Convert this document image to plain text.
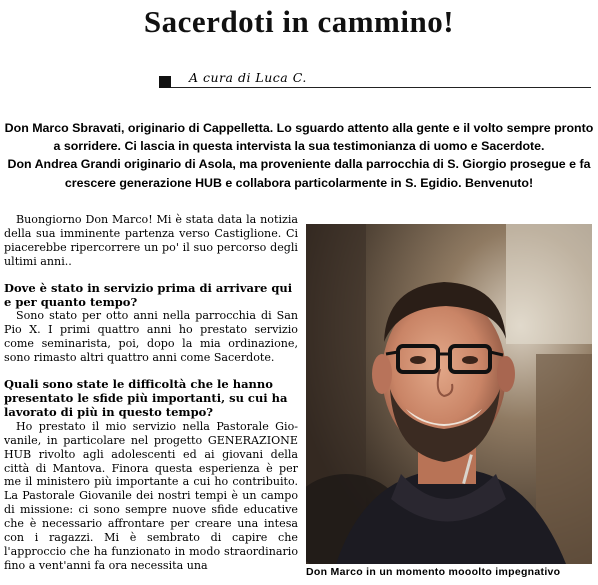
Sacerdoti in cammino!
A cura di Luca C.

Don Marco Sbravati, originario di Cappelletta. Lo sguardo attento alla gente e il volto sempre pronto a sorridere. Ci lascia in questa intervista la sua testimonianza di uomo e Sacerdote.

Don Andrea Grandi originario di Asola, ma proveniente dalla parrocchia di S. Giorgio prosegue e fa crescere generazione HUB e collabora particolarmente in S. Egidio. Benvenuto!

Buongiorno Don Marco! Mi è stata data la notizia della sua imminente partenza verso Castiglione. Ci piacerebbe ripercorrere un po' il suo percorso degli ultimi anni..

Dove è stato in servizio prima di arrivare qui e per quanto tempo?

Sono stato per otto anni nella parrocchia di San Pio X. I primi quattro anni ho prestato servizio come seminarista, poi, dopo la mia ordinazione, sono rimasto altri quattro anni come Sacerdote.

Quali sono state le difficoltà che le hanno presentato le sfide più importanti, su cui ha lavorato di più in questo tempo?

Ho prestato il mio servizio nella Pastorale Giovanile, in particolare nel progetto GENERAZIONE HUB rivolto agli adolescenti ed ai giovani della città di Mantova. Finora questa esperienza è per me il ministero più importante a cui ho contribuito. La Pastorale Giovanile dei nostri tempi è un campo di missione: ci sono sempre nuove sfide educative che è necessario affrontare per creare una intesa con i ragazzi. Mi è sembrato di capire che l'approccio che ha funzionato in modo straordinario fino a vent'anni fa ora necessita una

Don Marco in un momento mooolto impegnativo
